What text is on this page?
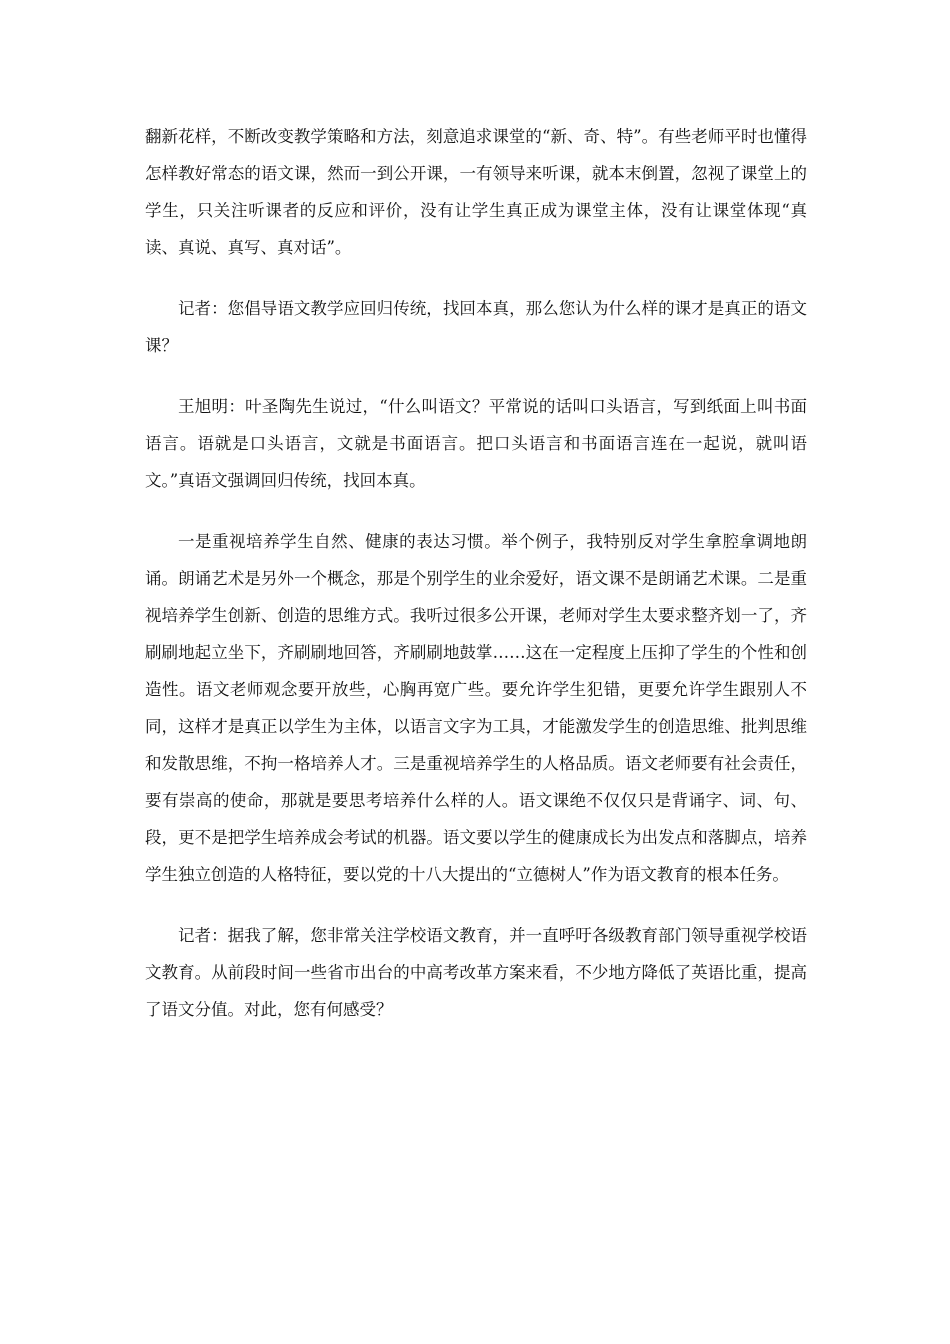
翻新花样，不断改变教学策略和方法，刻意追求课堂的“新、奇、特”。有些老师平时也懂得怎样教好常态的语文课，然而一到公开课，一有领导来听课，就本末倒置，忽视了课堂上的学生，只关注听课者的反应和评价，没有让学生真正成为课堂主体，没有让课堂体现“真读、真说、真写、真对话”。

记者：您倡导语文教学应回归传统，找回本真，那么您认为什么样的课才是真正的语文课？

王旭明：叶圣陶先生说过，“什么叫语文？平常说的话叫口头语言，写到纸面上叫书面语言。语就是口头语言，文就是书面语言。把口头语言和书面语言连在一起说，就叫语文。”真语文强调回归传统，找回本真。

一是重视培养学生自然、健康的表达习惯。举个例子，我特别反对学生拿腔拿调地朗诵。朗诵艺术是另外一个概念，那是个别学生的业余爱好，语文课不是朗诵艺术课。二是重视培养学生创新、创造的思维方式。我听过很多公开课，老师对学生太要求整齐划一了，齐刷刷地起立坐下，齐刷刷地回答，齐刷刷地鼓掌……这在一定程度上压抑了学生的个性和创造性。语文老师观念要开放些，心胸再宽广些。要允许学生犯错，更要允许学生跟别人不同，这样才是真正以学生为主体，以语言文字为工具，才能激发学生的创造思维、批判思维和发散思维，不拘一格培养人才。三是重视培养学生的人格品质。语文老师要有社会责任，要有崇高的使命，那就是要思考培养什么样的人。语文课绝不仅仅只是背诵字、词、句、段，更不是把学生培养成会考试的机器。语文要以学生的健康成长为出发点和落脚点，培养学生独立创造的人格特征，要以党的十八大提出的“立德树人”作为语文教育的根本任务。

记者：据我了解，您非常关注学校语文教育，并一直呼吁各级教育部门领导重视学校语文教育。从前段时间一些省市出台的中高考改革方案来看，不少地方降低了英语比重，提高了语文分值。对此，您有何感受？
